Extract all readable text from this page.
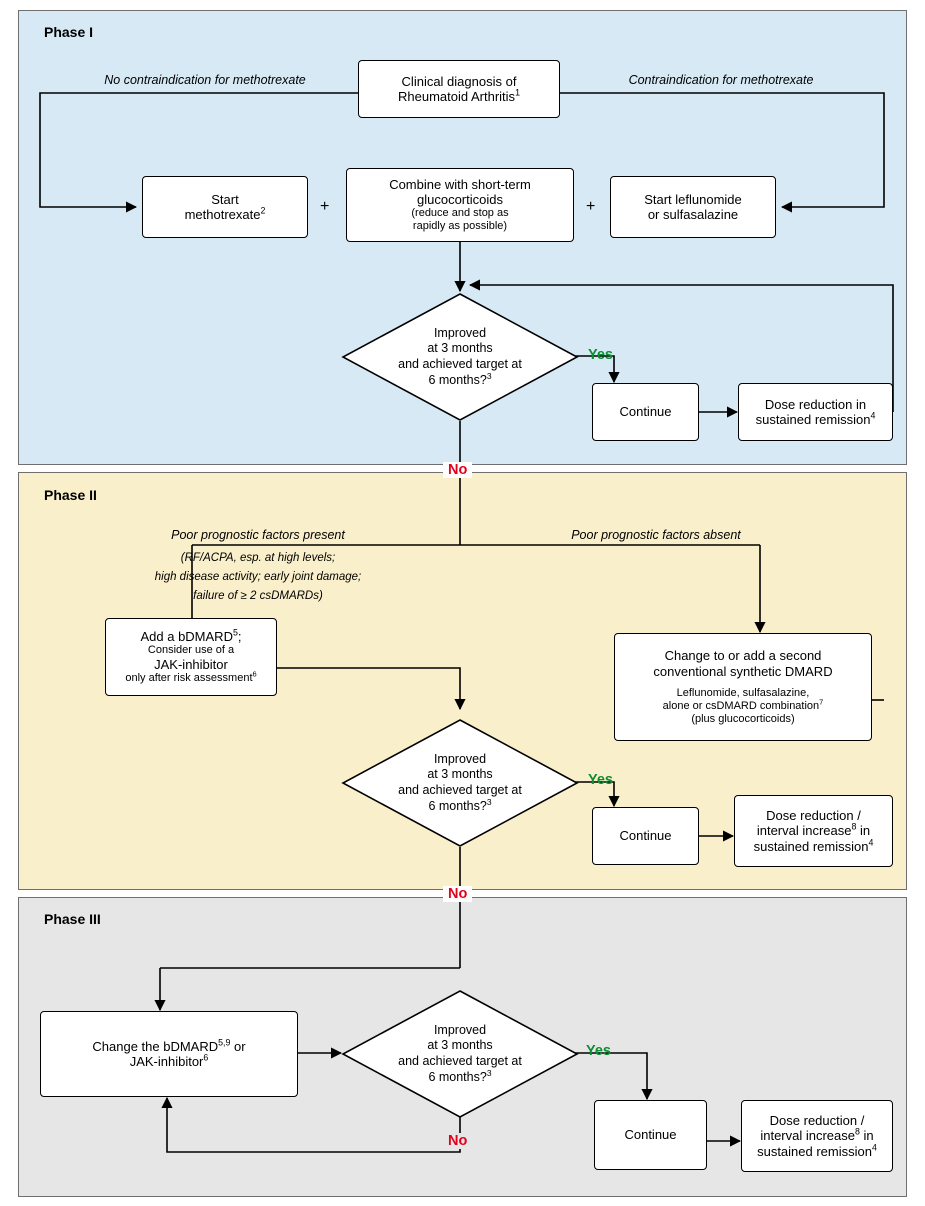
Phase I
Phase II
Phase III
Clinical diagnosis of
Rheumatoid Arthritis$^1$
No contraindication for methotrexate	Contraindication for methotrexate
Start
methotrexate$^2$	+
Combine with short-term
glucocorticoids
(reduce and stop as
rapidly as possible)
+	Start leflunomide
or sulfasalazine
Improved
at 3 months
and achieved target at
6 months?$^3$
Yes
No
Continue
Dose reduction in
sustained remission$^4$
Poor prognostic factors present
(RF/ACPA, esp. at high levels;
high disease activity; early joint damage;
failure of ≥ 2 csDMARDs)
Poor prognostic factors absent
Add a bDMARD$^5$;
Consider use of a
JAK-inhibitor
only after risk assessment$^6$
Change to or add a second
conventional synthetic DMARD
Leflunomide, sulfasalazine,
alone or csDMARD combination$^7$
(plus glucocorticoids)
Improved
at 3 months
and achieved target at
6 months?$^3$
Yes
No
Continue
Dose reduction /
interval increase$^8$ in
sustained remission$^4$
Change the bDMARD$^{5,9}$ or
JAK-inhibitor$^6$
Improved
at 3 months
and achieved target at
6 months?$^3$
Yes
No	Continue
Dose reduction /
interval increase$^8$ in
sustained remission$^4$
